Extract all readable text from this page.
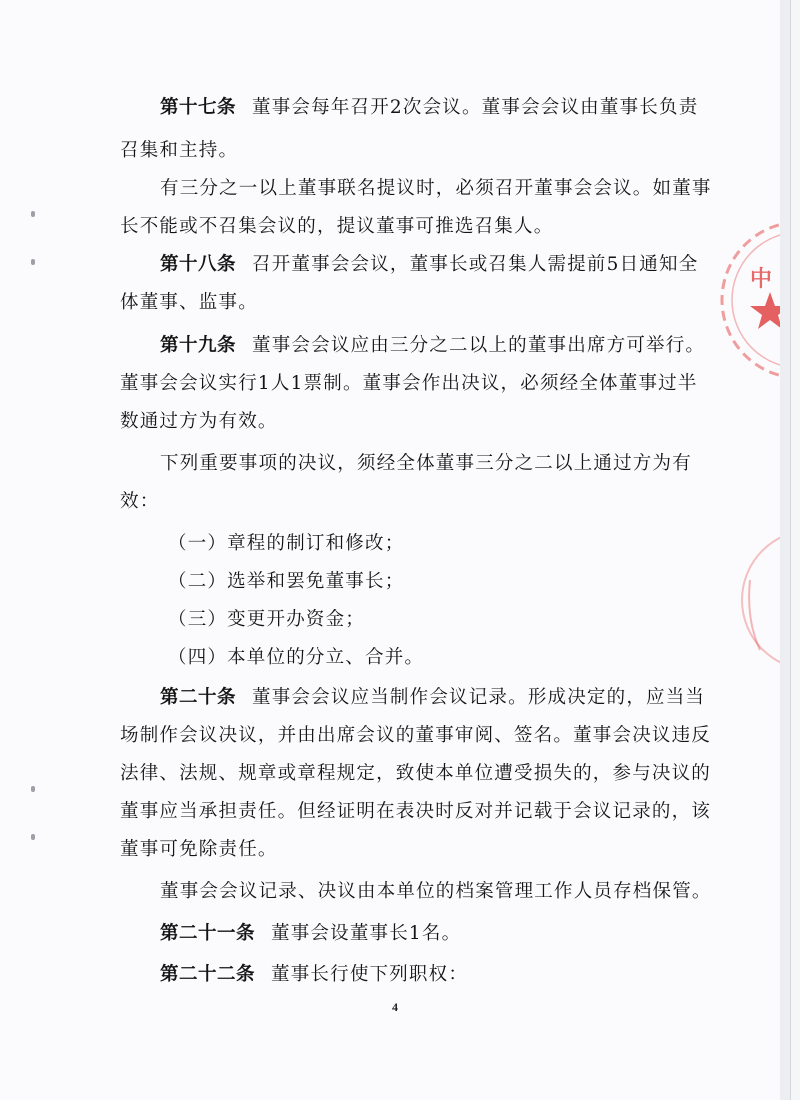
第十七条 董事会每年召开2次会议。董事会会议由董事长负责
召集和主持。
有三分之一以上董事联名提议时，必须召开董事会会议。如董事
长不能或不召集会议的，提议董事可推选召集人。
第十八条 召开董事会会议，董事长或召集人需提前5日通知全
体董事、监事。
第十九条 董事会会议应由三分之二以上的董事出席方可举行。
董事会会议实行1人1票制。董事会作出决议，必须经全体董事过半
数通过方为有效。
下列重要事项的决议，须经全体董事三分之二以上通过方为有
效：
（一）章程的制订和修改；
（二）选举和罢免董事长；
（三）变更开办资金；
（四）本单位的分立、合并。
第二十条 董事会会议应当制作会议记录。形成决定的，应当当
场制作会议决议，并由出席会议的董事审阅、签名。董事会决议违反
法律、法规、规章或章程规定，致使本单位遭受损失的，参与决议的
董事应当承担责任。但经证明在表决时反对并记载于会议记录的，该
董事可免除责任。
董事会会议记录、决议由本单位的档案管理工作人员存档保管。
第二十一条 董事会设董事长1名。
第二十二条 董事长行使下列职权：
4
中
